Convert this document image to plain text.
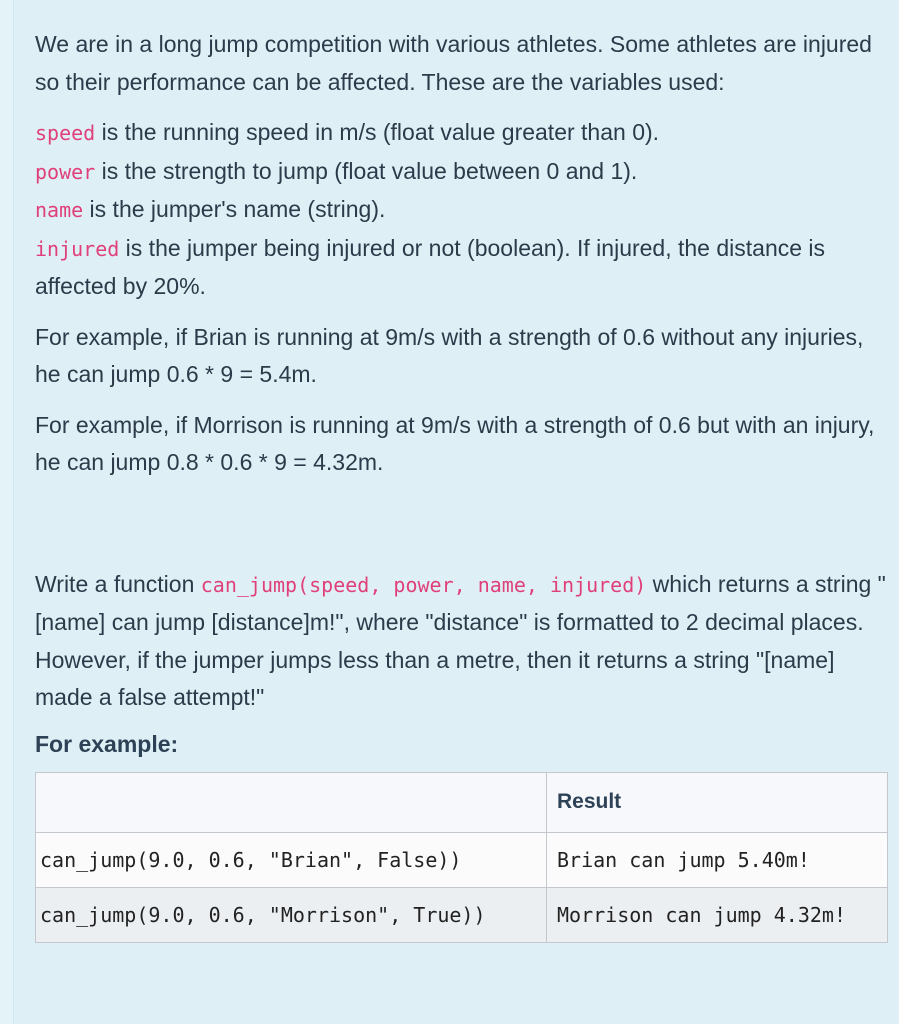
We are in a long jump competition with various athletes. Some athletes are injured so their performance can be affected. These are the variables used:

speed is the running speed in m/s (float value greater than 0).

power is the strength to jump (float value between 0 and 1).

name is the jumper's name (string).

injured is the jumper being injured or not (boolean). If injured, the distance is affected by 20%.

For example, if Brian is running at 9m/s with a strength of 0.6 without any injuries, he can jump 0.6 * 9 = 5.4m.

For example, if Morrison is running at 9m/s with a strength of 0.6 but with an injury, he can jump 0.8 * 0.6 * 9 = 4.32m.

Write a function can_jump(speed, power, name, injured) which returns a string "[name] can jump [distance]m!", where "distance" is formatted to 2 decimal places. However, if the jumper jumps less than a metre, then it returns a string "[name] made a false attempt!"

For example:
	Result
can_jump(9.0, 0.6, "Brian", False))	Brian can jump 5.40m!
can_jump(9.0, 0.6, "Morrison", True))	Morrison can jump 4.32m!
